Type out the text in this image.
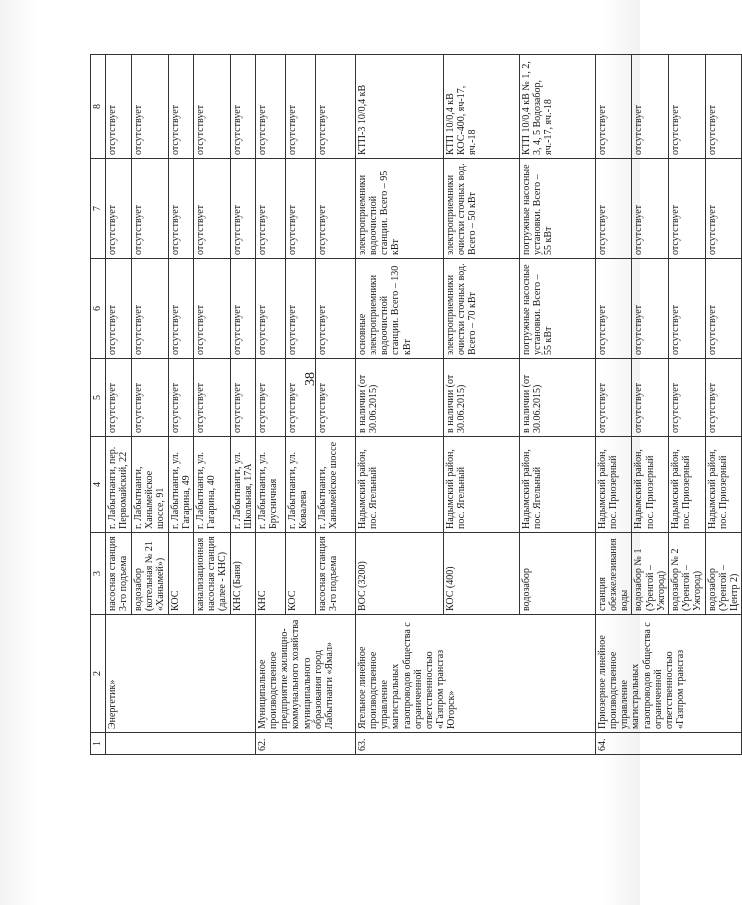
38
1	2	3	4	5	6	7	8
	Энергетик»	насосная станция 3-го подъема	г. Лабытнанги, пер. Первомайский, 22	отсутствует	отсутствует	отсутствует	отсутствует
		водозабор (котельная № 21 «Ханымей»)	г. Лабытнанги, Ханымейское шоссе, 91	отсутствует	отсутствует	отсутствует	отсутствует
		КОС	г. Лабытнанги, ул. Гагарина, 49	отсутствует	отсутствует	отсутствует	отсутствует
		канализационная насосная станция (далее - КНС)	г. Лабытнанги, ул. Гагарина, 40	отсутствует	отсутствует	отсутствует	отсутствует
		КНС (Баня)	г. Лабытнанги, ул. Школьная, 17А	отсутствует	отсутствует	отсутствует	отсутствует
62.	Муниципальное производственное предприятие жилищно-коммунального хозяйства муниципального образования город Лабытнанги «Ямал»	КНС	г. Лабытнанги, ул. Брусничная	отсутствует	отсутствует	отсутствует	отсутствует
		КОС	г. Лабытнанги, ул. Ковалева	отсутствует	отсутствует	отсутствует	отсутствует
		насосная станция 3-го подъема	г. Лабытнанги, Ханымейское шоссе	отсутствует	отсутствует	отсутствует	отсутствует
63.	Ягельное линейное производственное управление магистральных газопроводов общества с ограниченной ответственностью «Газпром трансгаз Югорск»	ВОС (3200)	Надымский район, пос. Ягельный	в наличии (от 30.06.2015)	основные электроприемники водоочистной станции. Всего – 130 кВт	электроприемники водоочистной станции. Всего – 95 кВт	КТП-3 10/0,4 кВ
		КОС (400)	Надымский район, пос. Ягельный	в наличии (от 30.06.2015)	электроприемники очистки сточных вод. Всего – 70 кВт	электроприемники очистки сточных вод. Всего – 50 кВт	КТП 10/0,4 кВ КОС-400, яч-17, яч.-18
		водозабор	Надымский район, пос. Ягельный	в наличии (от 30.06.2015)	погружные насосные установки. Всего – 55 кВт	погружные насосные установки. Всего – 55 кВт	КТП 10/0,4 кВ № 1, 2, 3, 4, 5 Водозабор, яч.-17, яч.-18
64.	Приозерное линейное производственное управление магистральных газопроводов общества с ограниченной ответственностью «Газпром трансгаз	станция обезжелезивания воды	Надымский район, пос. Приозерный	отсутствует	отсутствует	отсутствует	отсутствует
		водозабор № 1 (Уренгой – Ужгород)	Надымский район, пос. Приозерный	отсутствует	отсутствует	отсутствует	отсутствует
		водозабор № 2 (Уренгой – Ужгород)	Надымский район, пос. Приозерный	отсутствует	отсутствует	отсутствует	отсутствует
		водозабор (Уренгой – Центр 2)	Надымский район, пос. Приозерный	отсутствует	отсутствует	отсутствует	отсутствует
